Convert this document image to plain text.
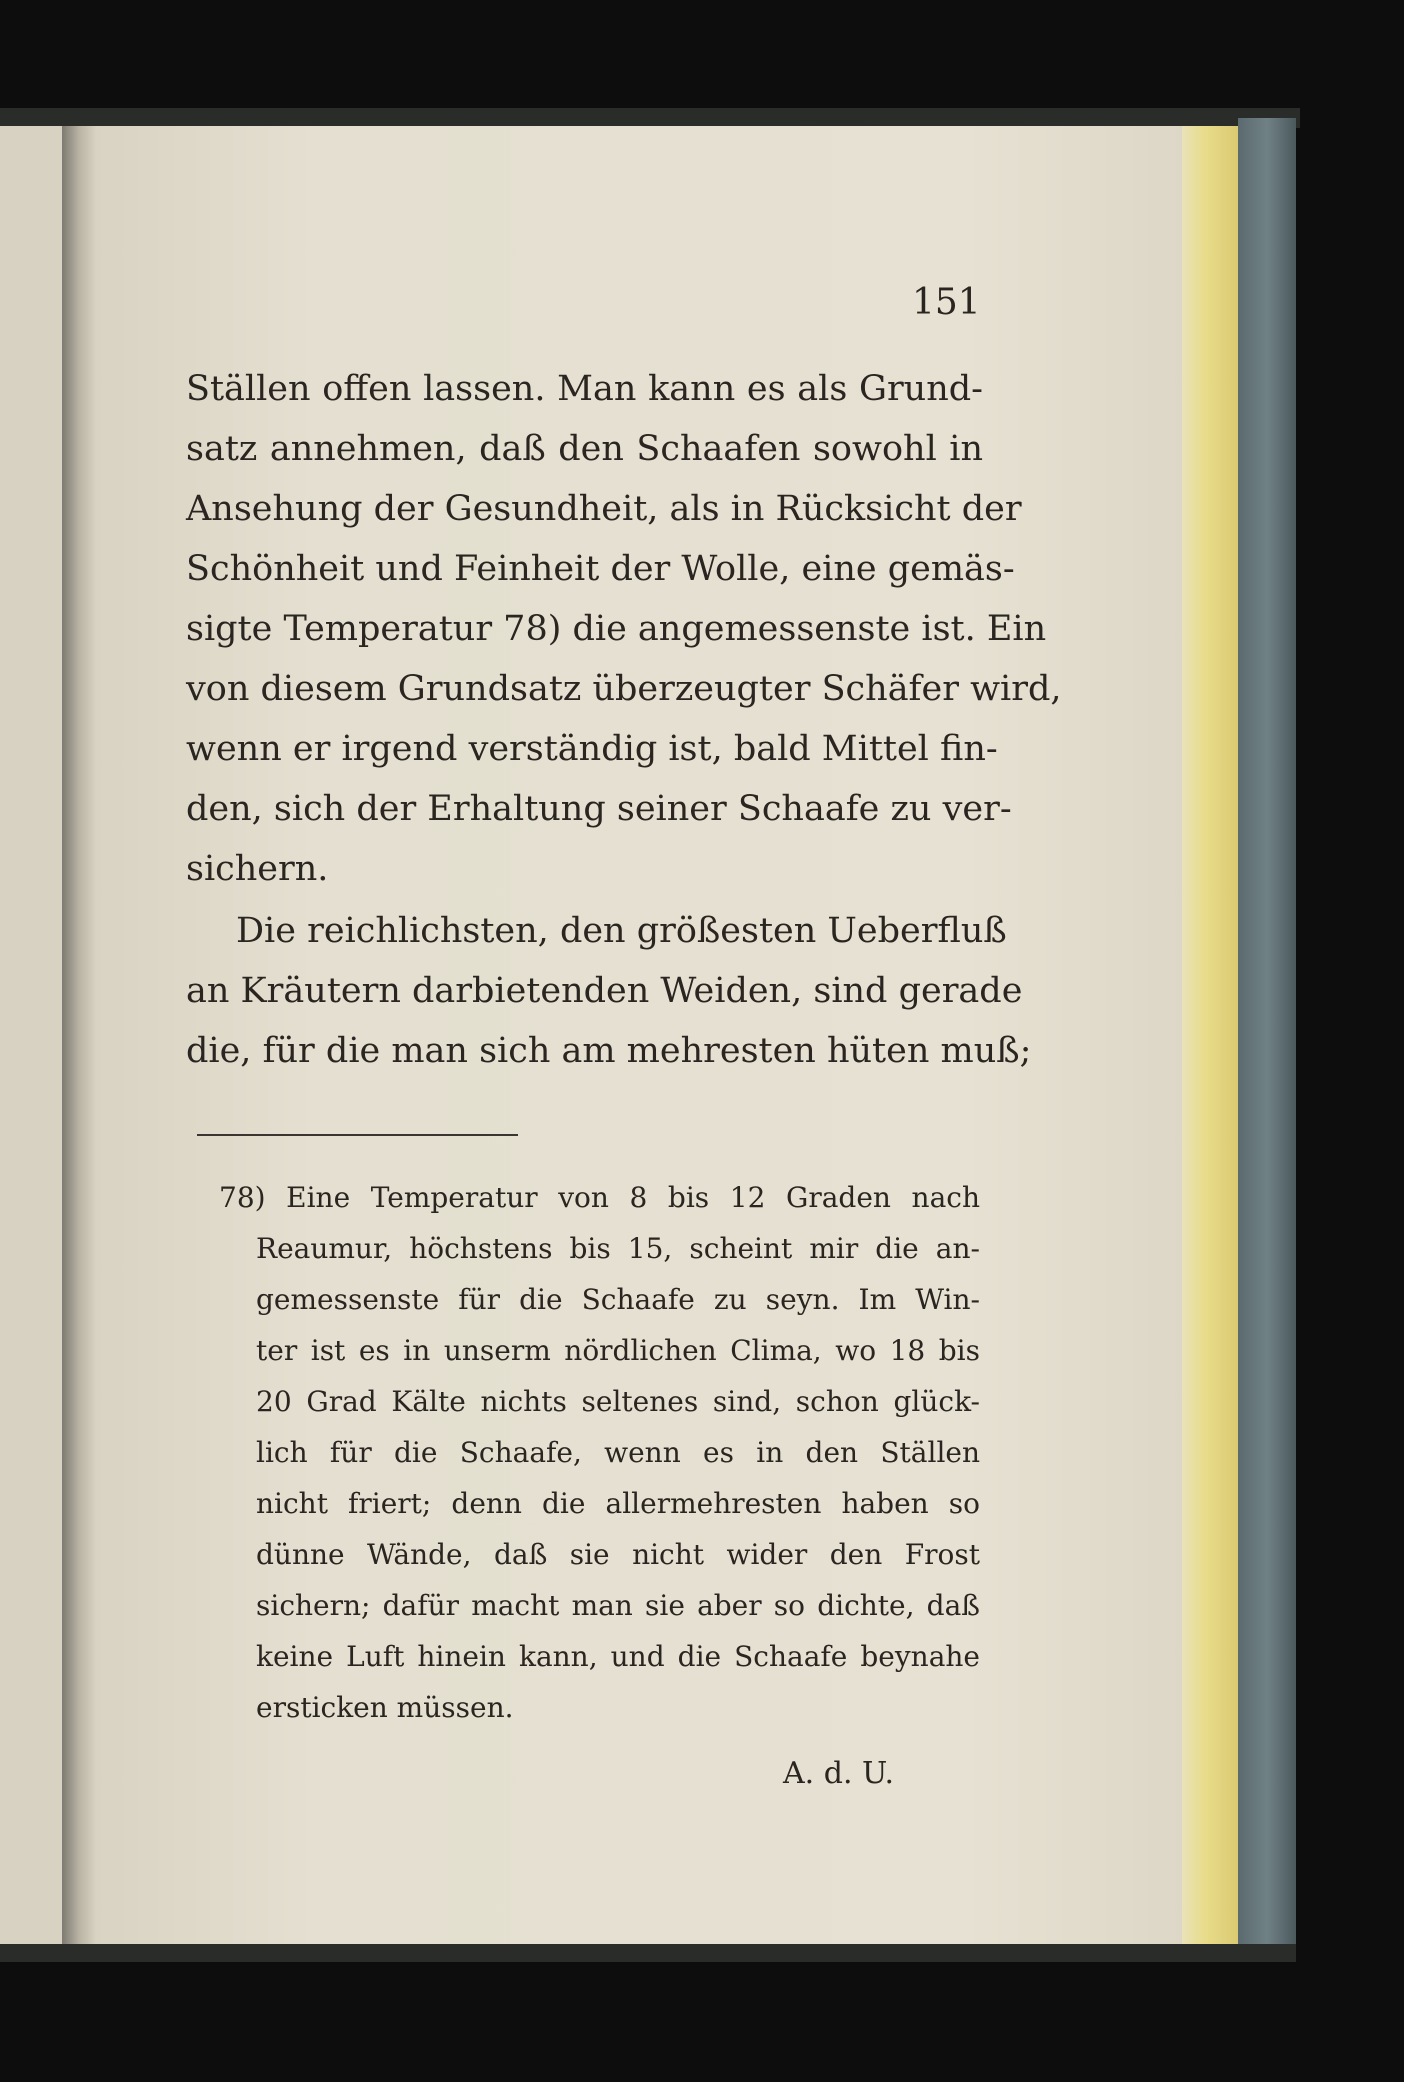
151
Ställen offen lassen. Man kann es als Grund-
satz annehmen, daß den Schaafen sowohl in
Ansehung der Gesundheit, als in Rücksicht der
Schönheit und Feinheit der Wolle, eine gemäs-
sigte Temperatur 78) die angemessenste ist. Ein
von diesem Grundsatz überzeugter Schäfer wird,
wenn er irgend verständig ist, bald Mittel fin-
den, sich der Erhaltung seiner Schaafe zu ver-
sichern.
Die reichlichsten, den größesten Ueberfluß
an Kräutern darbietenden Weiden, sind gerade
die, für die man sich am mehresten hüten muß;
78) Eine Temperatur von 8 bis 12 Graden nach
Reaumur, höchstens bis 15, scheint mir die an-
gemessenste für die Schaafe zu seyn. Im Win-
ter ist es in unserm nördlichen Clima, wo 18 bis
20 Grad Kälte nichts seltenes sind, schon glück-
lich für die Schaafe, wenn es in den Ställen
nicht friert; denn die allermehresten haben so
dünne Wände, daß sie nicht wider den Frost
sichern; dafür macht man sie aber so dichte, daß
keine Luft hinein kann, und die Schaafe beynahe
ersticken müssen.
A. d. U.
